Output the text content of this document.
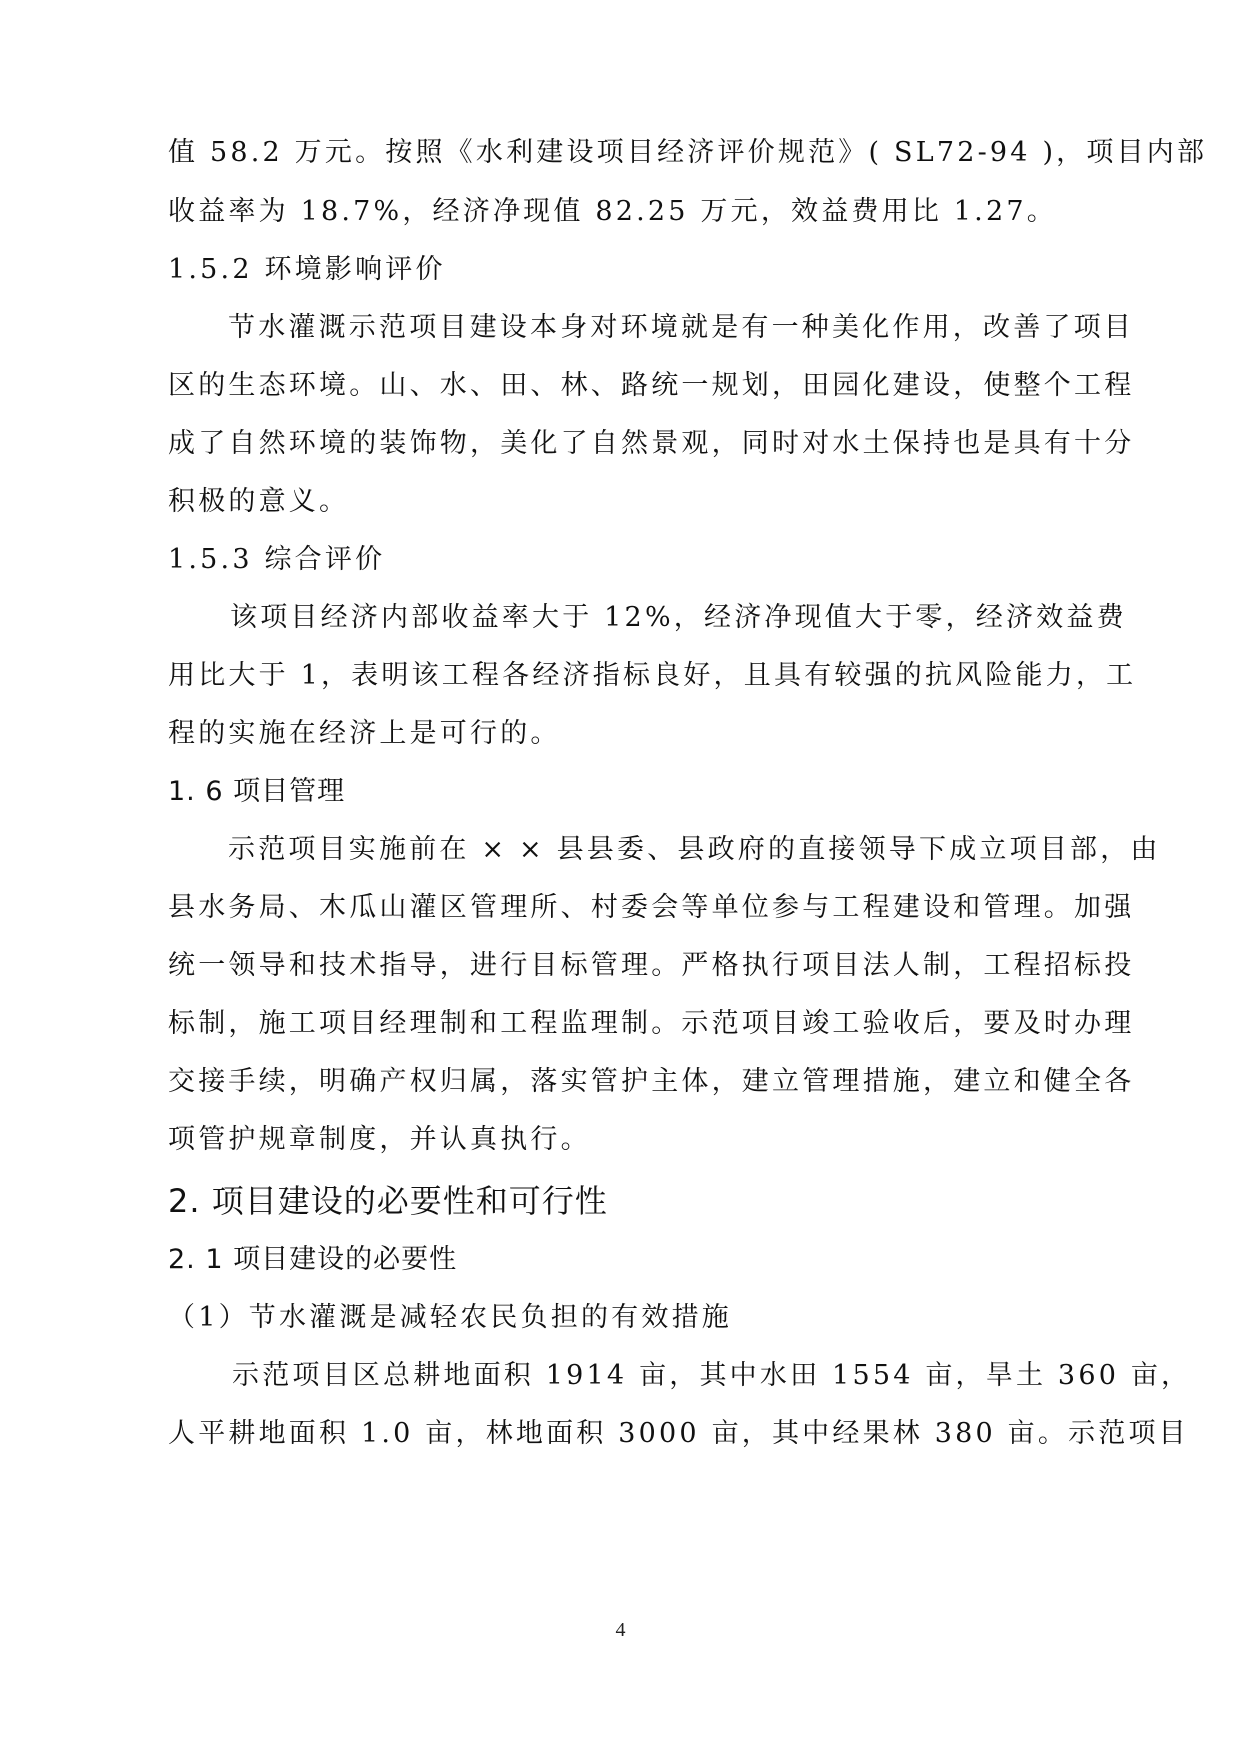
值 58.2 万元。按照《水利建设项目经济评价规范》( SL72-94 )，项目内部
收益率为 18.7%，经济净现值 82.25 万元，效益费用比 1.27。
1.5.2 环境影响评价
节水灌溉示范项目建设本身对环境就是有一种美化作用，改善了项目
区的生态环境。山、水、田、林、路统一规划，田园化建设，使整个工程
成了自然环境的装饰物，美化了自然景观，同时对水土保持也是具有十分
积极的意义。
1.5.3 综合评价
该项目经济内部收益率大于 12%，经济净现值大于零，经济效益费
用比大于 1，表明该工程各经济指标良好，且具有较强的抗风险能力，工
程的实施在经济上是可行的。
1. 6 项目管理
示范项目实施前在 × × 县县委、县政府的直接领导下成立项目部，由
县水务局、木瓜山灌区管理所、村委会等单位参与工程建设和管理。加强
统一领导和技术指导，进行目标管理。严格执行项目法人制，工程招标投
标制，施工项目经理制和工程监理制。示范项目竣工验收后，要及时办理
交接手续，明确产权归属，落实管护主体，建立管理措施，建立和健全各
项管护规章制度，并认真执行。
2. 项目建设的必要性和可行性
2. 1 项目建设的必要性
（1）节水灌溉是减轻农民负担的有效措施
示范项目区总耕地面积 1914 亩，其中水田 1554 亩，旱土 360 亩，
人平耕地面积 1.0 亩，林地面积 3000 亩，其中经果林 380 亩。示范项目
4
